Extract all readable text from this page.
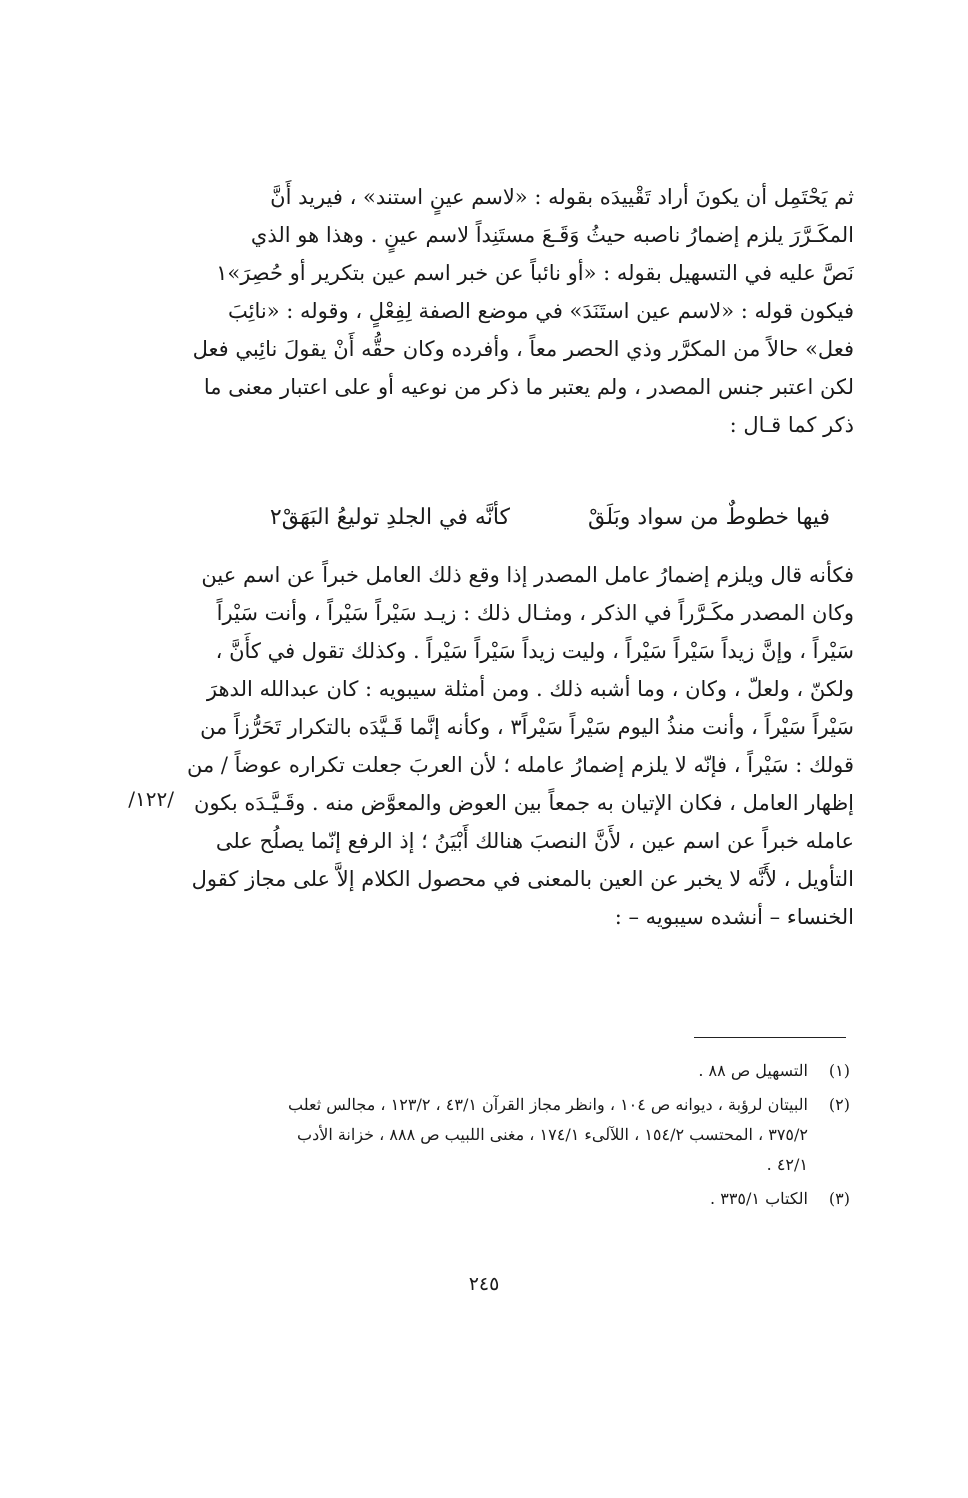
ثم يَحْتَمِل أن يكونَ أراد تَقْييدَه بقوله : «لاسم عينٍ استند» ، فيريد أَنَّ
المكَـرَّرَ يلزم إضمارُ ناصبه حيثُ وَقَـعَ مستَنِداً لاسم عينٍ . وهذا هو الذي
نَصَّ عليه في التسهيل بقوله : «أو نائباً عن خبر اسم عين بتكرير أو حُصِرَ»١
فيكون قوله : «لاسم عين استَنَدَ» في موضع الصفة لِفِعْلٍ ، وقوله : «نائِبَ
فعل» حالاً من المكرَّر وذي الحصر معاً ، وأفرده وكان حقُّه أَنْ يقولَ نائِبي فعل
لكن اعتبر جنس المصدر ، ولم يعتبر ما ذكر من نوعيه أو على اعتبار معنى ما
ذكر كما قـال :
فيها خطوطٌ من سواد وبَلَقْ
كأنَّه في الجلدِ توليعُ البَهَقْ٢
فكأنه قال ويلزم إضمارُ عامل المصدر إذا وقع ذلك العامل خبراً عن اسم عين
وكان المصدر مكَـرَّراً في الذكر ، ومثـال ذلك : زيـد سَيْراً سَيْراً ، وأنت سَيْراً
سَيْراً ، وإنَّ زيداً سَيْراً سَيْراً ، وليت زيداً سَيْراً سَيْراً . وكذلك تقول في كأَنَّ ،
ولكنّ ، ولعلّ ، وكان ، وما أشبه ذلك . ومن أمثلة سيبويه : كان عبدالله الدهرَ
سَيْراً سَيْراً ، وأنت منذُ اليوم سَيْراً سَيْراً٣ ، وكأنه إنَّما قَـيَّدَه بالتكرار تَحَرُّزاً من
قولك : سَيْراً ، فإنّه لا يلزم إضمارُ عامله ؛ لأن العربَ جعلت تكراره عوضاً / من
إظهار العامل ، فكان الإتيان به جمعاً بين العوض والمعوَّض منه . وقَـيَّـدَه بكون
عامله خبراً عن اسم عين ، لأَنَّ النصبَ هنالك أَبْيَنُ ؛ إذ الرفع إنّما يصلُح على
التأويل ، لأَنَّه لا يخبر عن العين بالمعنى في محصول الكلام إلاَّ على مجاز كقول
الخنساء – أنشده سيبويه – :
/١٢٢/
(١)
التسهيل ص ٨٨ .
(٢)
البيتان لرؤبة ، ديوانه ص ١٠٤ ، وانظر مجاز القرآن ٤٣/١ ، ١٢٣/٢ ، مجالس ثعلب
٣٧٥/٢ ، المحتسب ١٥٤/٢ ، اللآلىء ١٧٤/١ ، مغنى اللبيب ص ٨٨٨ ، خزانة الأدب
٤٢/١ .
(٣)
الكتاب ٣٣٥/١ .
٢٤٥
